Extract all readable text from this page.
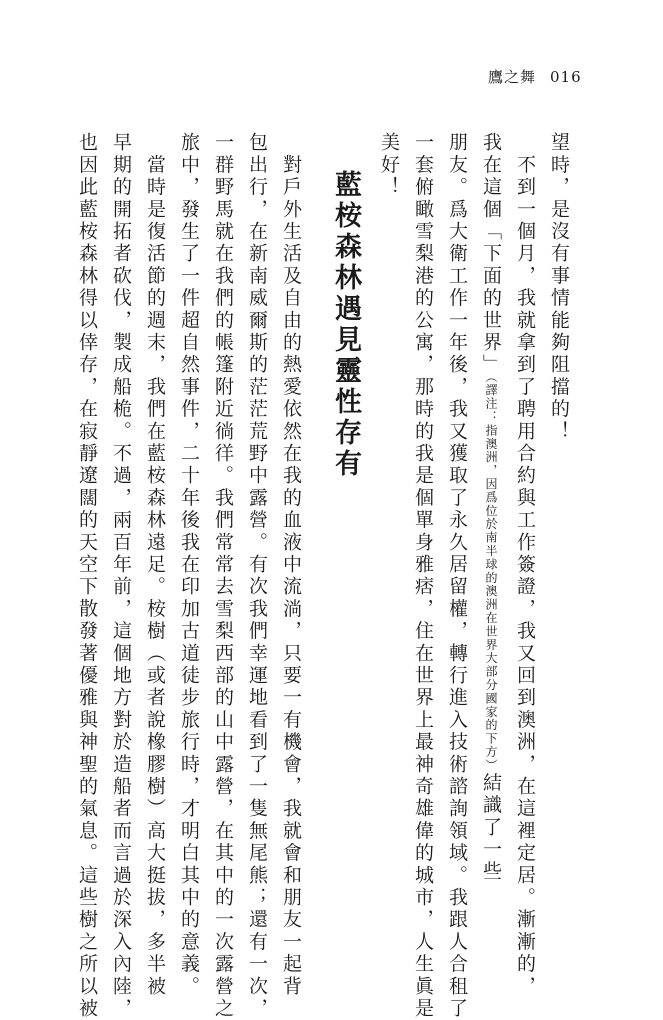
鷹之舞 016
望時，是沒有事情能夠阻擋的！
　不到一個月，我就拿到了聘用合約與工作簽證，我又回到澳洲，在這裡定居。漸漸的，
我在這個「下面的世界」（譯注：指澳洲，因爲位於南半球的澳洲在世界大部分國家的下方）結識了一些
朋友。爲大衛工作一年後，我又獲取了永久居留權，轉行進入技術諮詢領域。我跟人合租了
一套俯瞰雪梨港的公寓，那時的我是個單身雅痞，住在世界上最神奇雄偉的城市，人生眞是
美好！
藍桉森林遇見靈性存有
　對戶外生活及自由的熱愛依然在我的血液中流淌，只要一有機會，我就會和朋友一起背
包出行，在新南威爾斯的茫茫荒野中露營。有次我們幸運地看到了一隻無尾熊；還有一次，
一群野馬就在我們的帳篷附近徜徉。我們常常去雪梨西部的山中露營，在其中的一次露營之
旅中，發生了一件超自然事件，二十年後我在印加古道徒步旅行時，才明白其中的意義。
　當時是復活節的週末，我們在藍桉森林遠足。桉樹（或者說橡膠樹）高大挺拔，多半被
早期的開拓者砍伐，製成船桅。不過，兩百年前，這個地方對於造船者而言過於深入內陸，
也因此藍桉森林得以倖存，在寂靜遼闊的天空下散發著優雅與神聖的氣息。這些樹之所以被
